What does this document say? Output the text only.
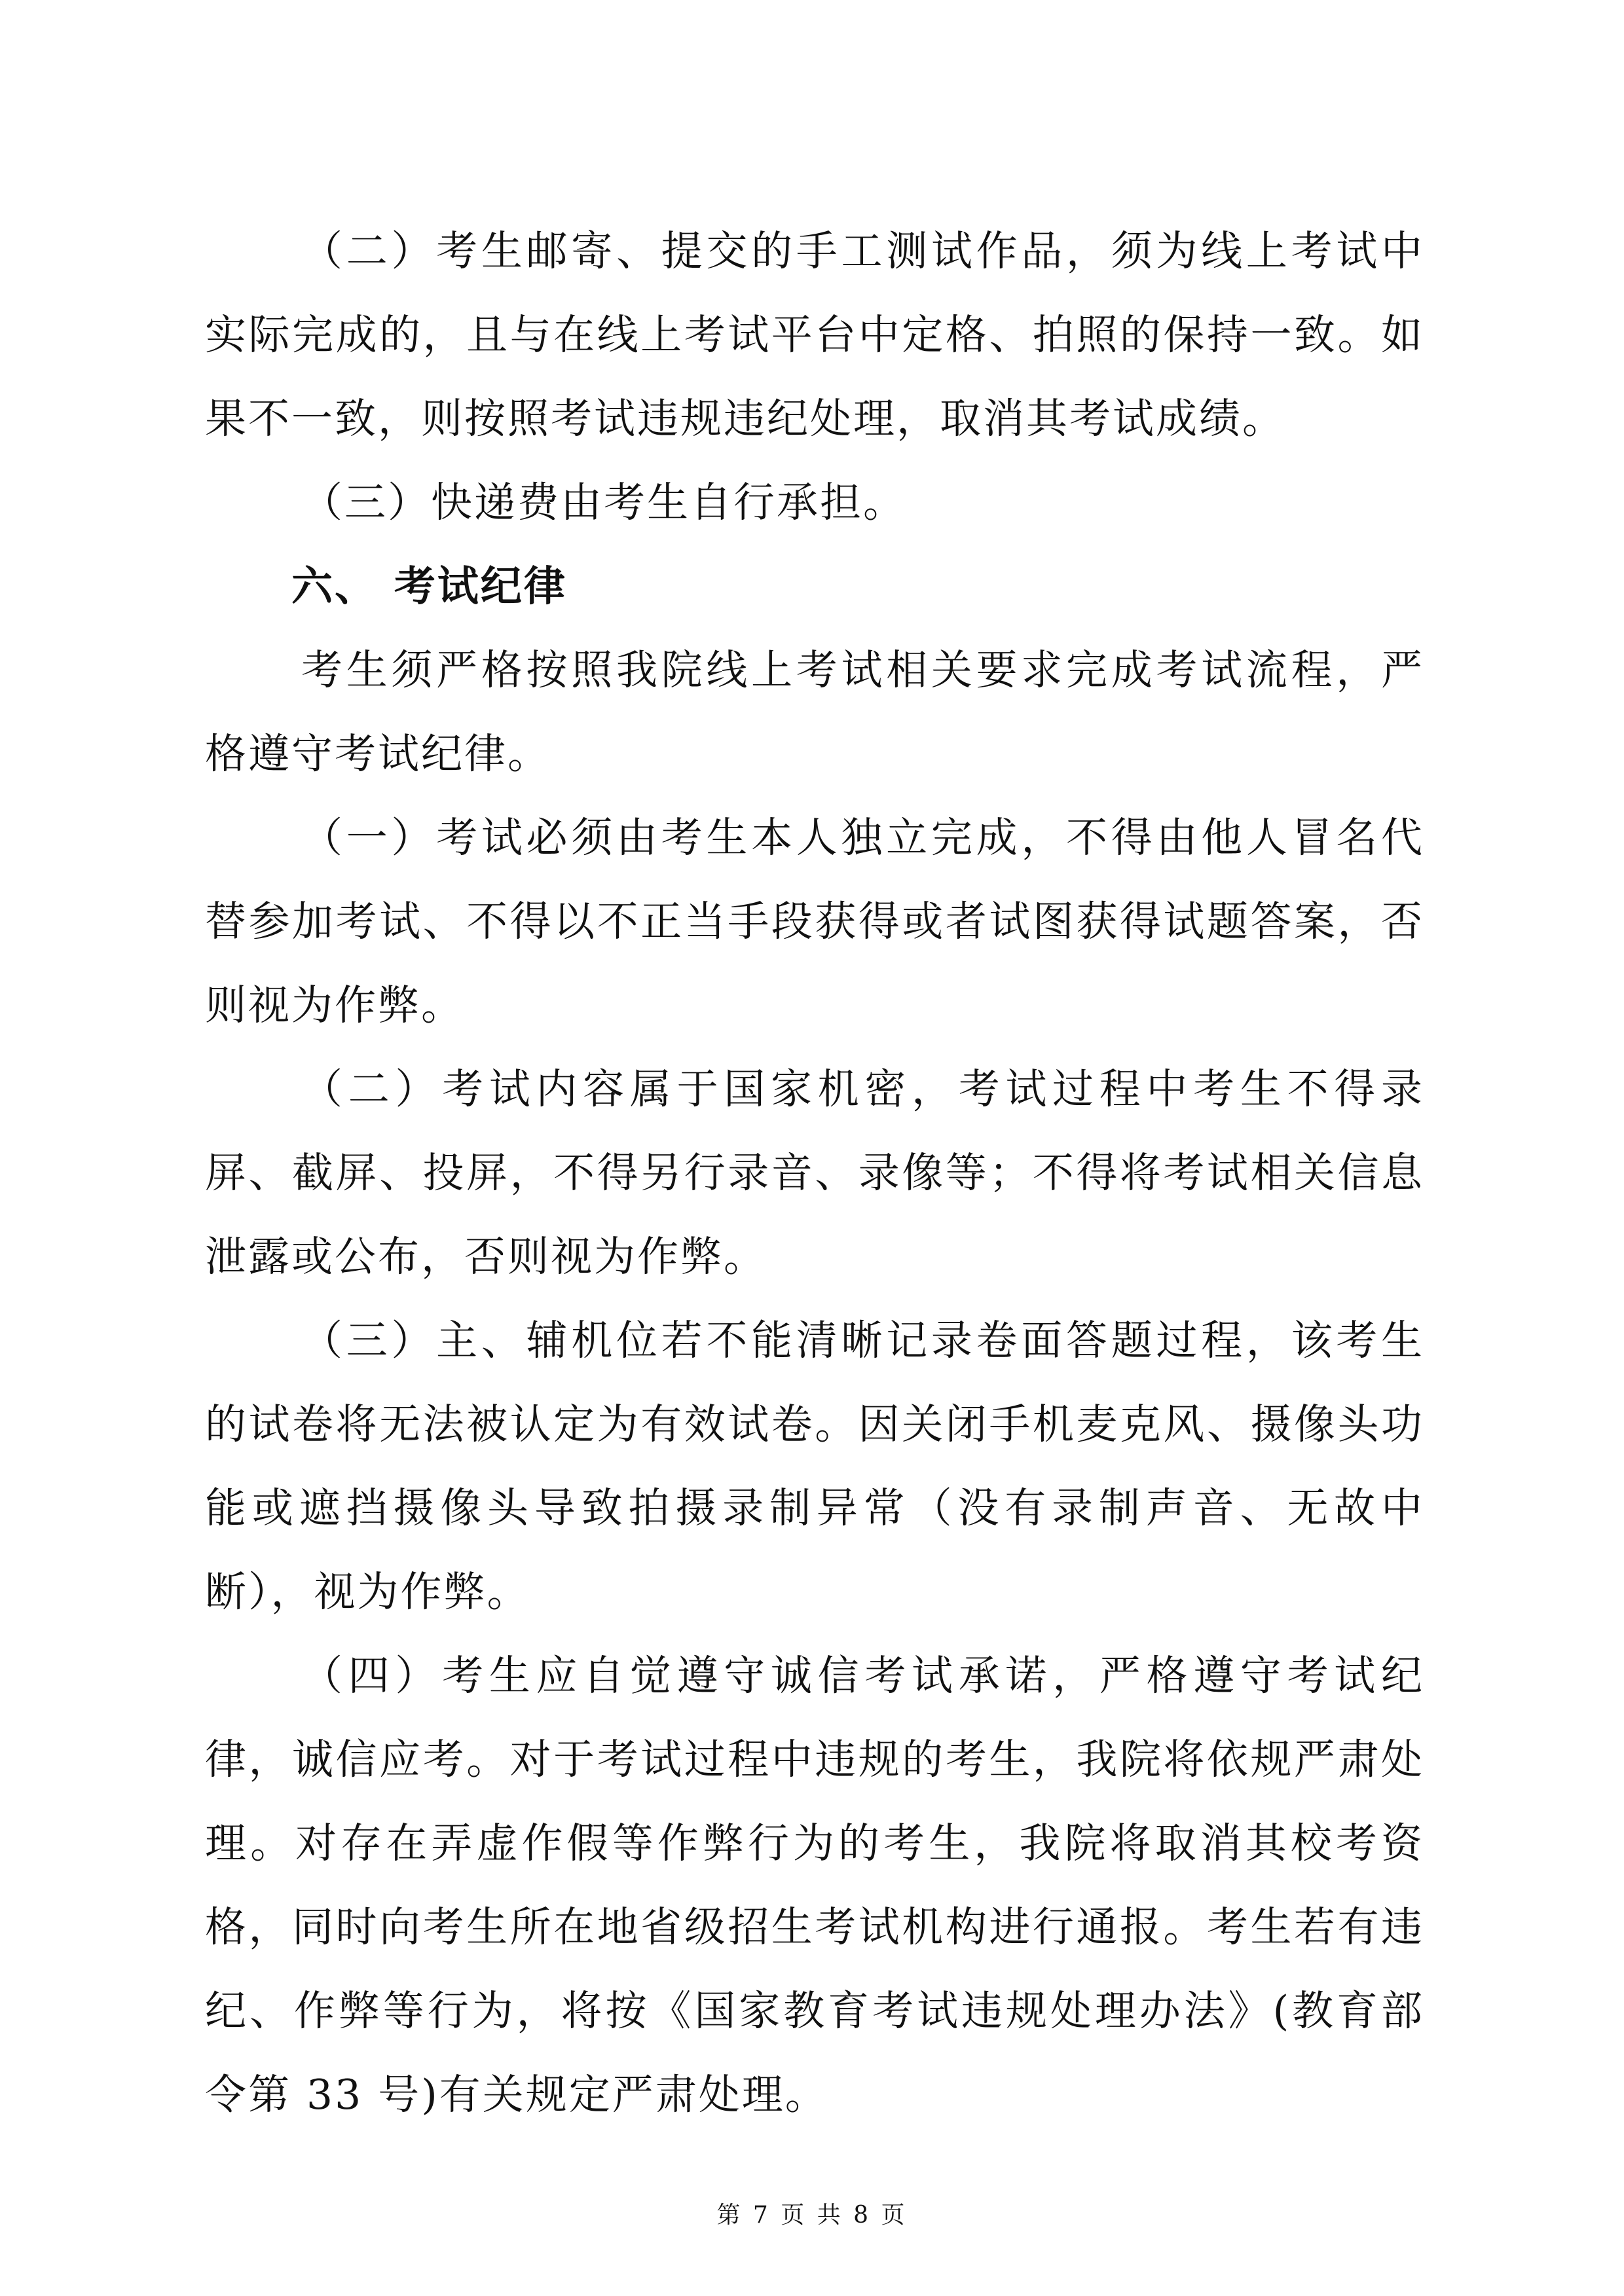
（二）考生邮寄、提交的手工测试作品，须为线上考试中实际完成的，且与在线上考试平台中定格、拍照的保持一致。如果不一致，则按照考试违规违纪处理，取消其考试成绩。

（三）快递费由考生自行承担。

六、 考试纪律

考生须严格按照我院线上考试相关要求完成考试流程，严格遵守考试纪律。

（一）考试必须由考生本人独立完成，不得由他人冒名代替参加考试、不得以不正当手段获得或者试图获得试题答案，否则视为作弊。

（二）考试内容属于国家机密，考试过程中考生不得录屏、截屏、投屏，不得另行录音、录像等；不得将考试相关信息泄露或公布，否则视为作弊。

（三）主、辅机位若不能清晰记录卷面答题过程，该考生的试卷将无法被认定为有效试卷。因关闭手机麦克风、摄像头功能或遮挡摄像头导致拍摄录制异常（没有录制声音、无故中断），视为作弊。

（四）考生应自觉遵守诚信考试承诺，严格遵守考试纪律，诚信应考。对于考试过程中违规的考生，我院将依规严肃处理。对存在弄虚作假等作弊行为的考生，我院将取消其校考资格，同时向考生所在地省级招生考试机构进行通报。考生若有违纪、作弊等行为，将按《国家教育考试违规处理办法》(教育部令第 33 号)有关规定严肃处理。

第 7 页 共 8 页
